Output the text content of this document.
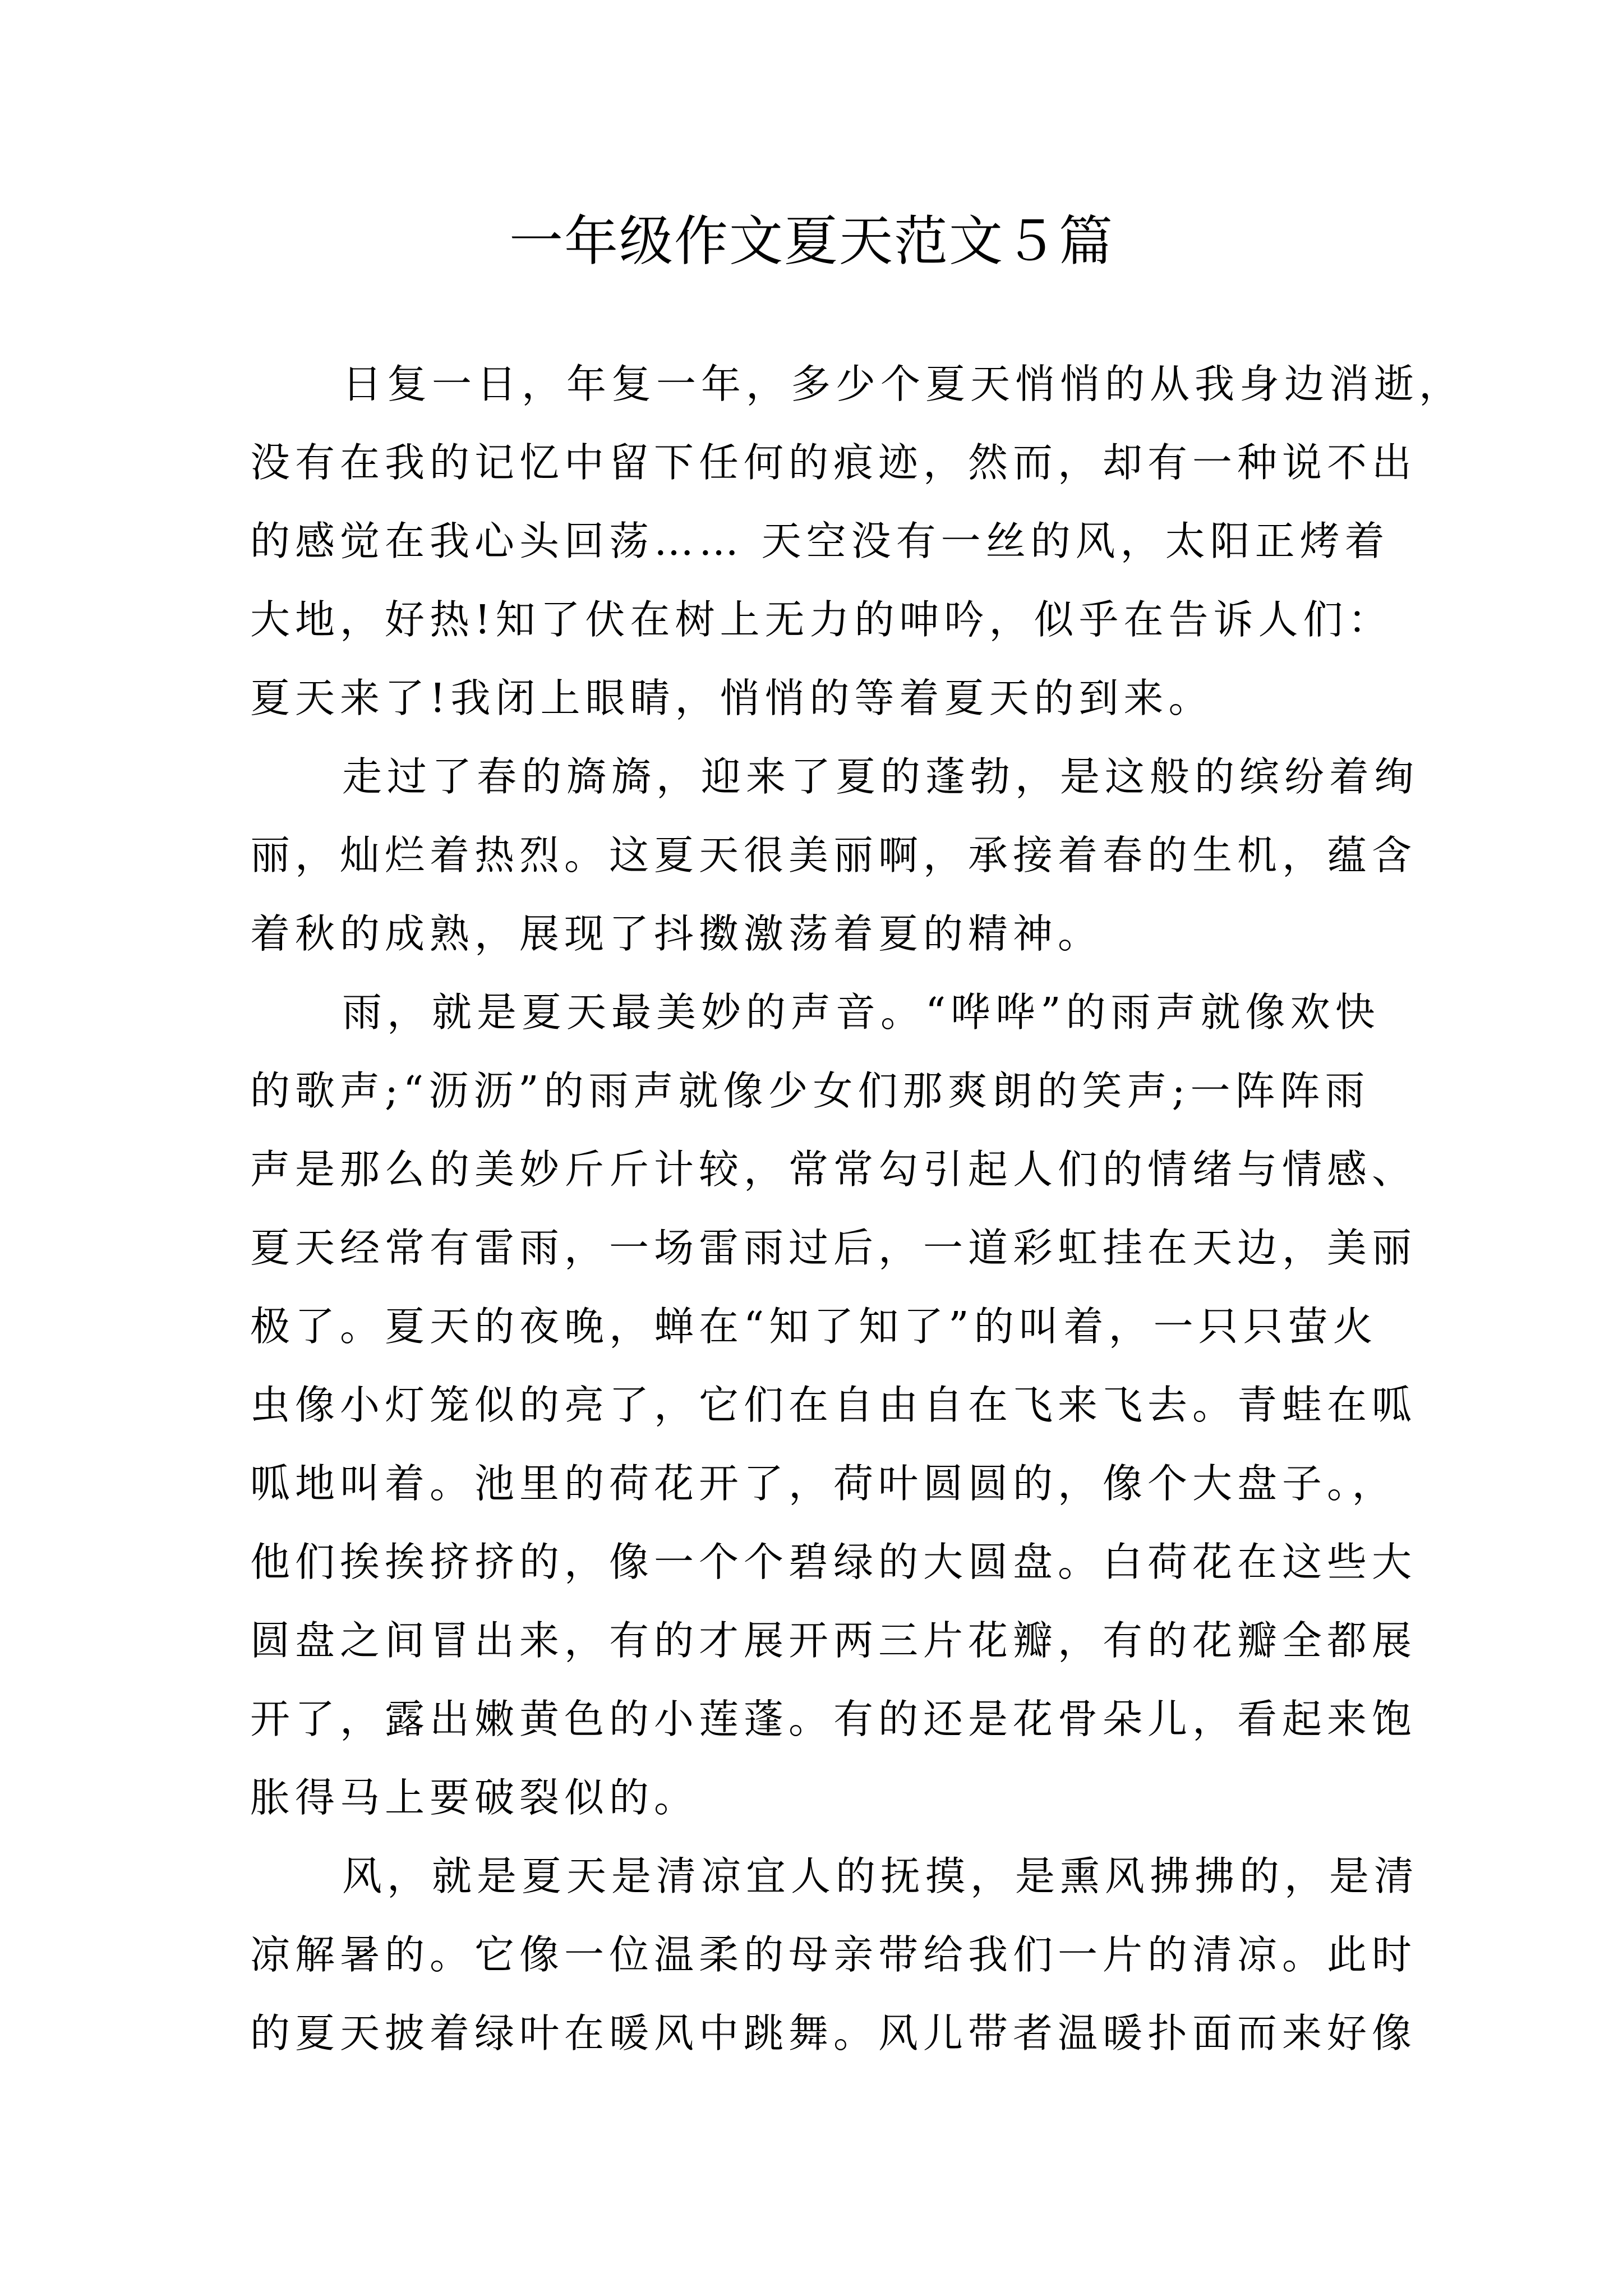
一年级作文夏天范文５篇
日复一日，年复一年，多少个夏天悄悄的从我身边消逝，
没有在我的记忆中留下任何的痕迹，然而，却有一种说不出
的感觉在我心头回荡…… 天空没有一丝的风，太阳正烤着
大地，好热!知了伏在树上无力的呻吟，似乎在告诉人们：
夏天来了!我闭上眼睛，悄悄的等着夏天的到来。
走过了春的旖旖，迎来了夏的蓬勃，是这般的缤纷着绚
丽，灿烂着热烈。这夏天很美丽啊，承接着春的生机，蕴含
着秋的成熟，展现了抖擞激荡着夏的精神。
雨，就是夏天最美妙的声音。“哗哗”的雨声就像欢快
的歌声;“沥沥”的雨声就像少女们那爽朗的笑声;一阵阵雨
声是那么的美妙斤斤计较，常常勾引起人们的情绪与情感、
夏天经常有雷雨，一场雷雨过后，一道彩虹挂在天边，美丽
极了。夏天的夜晚，蝉在“知了知了”的叫着，一只只萤火
虫像小灯笼似的亮了，它们在自由自在飞来飞去。青蛙在呱
呱地叫着。池里的荷花开了，荷叶圆圆的，像个大盘子。，
他们挨挨挤挤的，像一个个碧绿的大圆盘。白荷花在这些大
圆盘之间冒出来，有的才展开两三片花瓣，有的花瓣全都展
开了，露出嫩黄色的小莲蓬。有的还是花骨朵儿，看起来饱
胀得马上要破裂似的。
风，就是夏天是清凉宜人的抚摸，是熏风拂拂的，是清
凉解暑的。它像一位温柔的母亲带给我们一片的清凉。此时
的夏天披着绿叶在暖风中跳舞。风儿带者温暖扑面而来好像
